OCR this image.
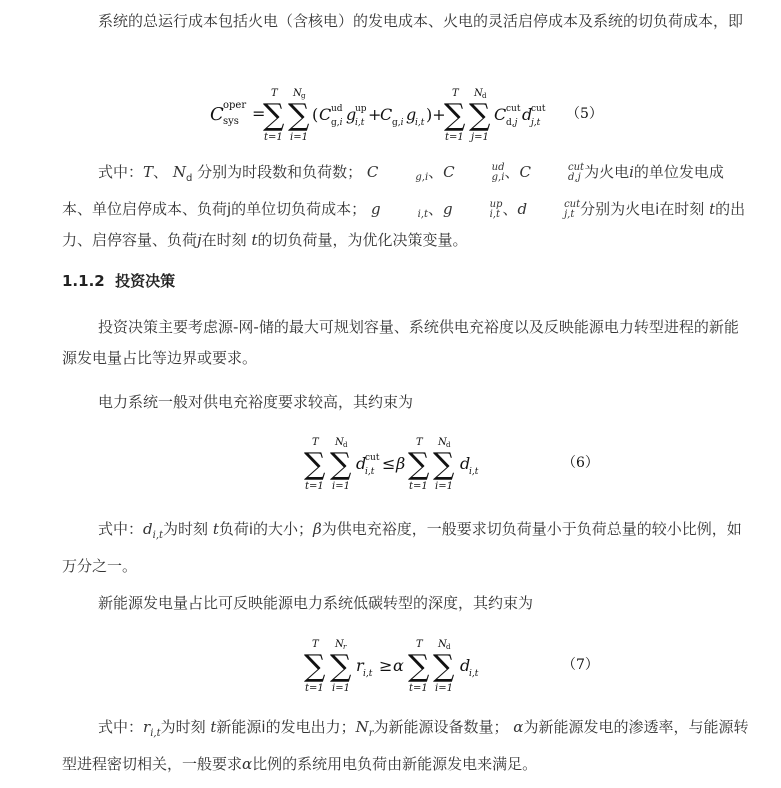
系统的总运行成本包括火电（含核电）的发电成本、火电的灵活启停成本及系统的切负荷成本，即

C oper
sys =
∑
T
t=1
∑
N g
i=1
( C ud
g,i g
up
i,t +
C g,i g
i,t )+
∑
T
t=1
∑
N d
j=1
C cut
d,j d
cut
j,t
（5）

式中：T、 $N_d$ 分别为时段数和负荷数； C
	g,i 、C	ud
g,i 、C	cut
d,j 为火电i的单位发电成本、单位启停成本、负荷j的单位切负荷成本； g
	i,t 、g	up
i,t 、d	cut
j,t 分别为火电i在时刻 t的出力、启停容量、负荷j在时刻 t的切负荷量，为优化决策变量。

1.1.2 投资决策

投资决策主要考虑源-网-储的最大可规划容量、系统供电充裕度以及反映能源电力转型进程的新能源发电量占比等边界或要求。

电力系统一般对供电充裕度要求较高，其约束为

∑
T
t=1
∑
N d
i=1
d
cut
i,t ≤ β ∑
T
t=1
∑
N d
i=1
d
i,t
（6）

式中：$d_{i,t}$为时刻 t负荷i的大小；β为供电充裕度，一般要求切负荷量小于负荷总量的较小比例，如万分之一。

新能源发电量占比可反映能源电力系统低碳转型的深度，其约束为

∑
T
t=1
∑
N r
i=1
r i,t ≥ α ∑
T
t=1
∑
N d
i=1
d
i,t
（7）

式中：$r_{i,t}$为时刻 t新能源i的发电出力；$N_r$为新能源设备数量； α为新能源发电的渗透率，与能源转型进程密切相关，一般要求α比例的系统用电负荷由新能源发电来满足。
